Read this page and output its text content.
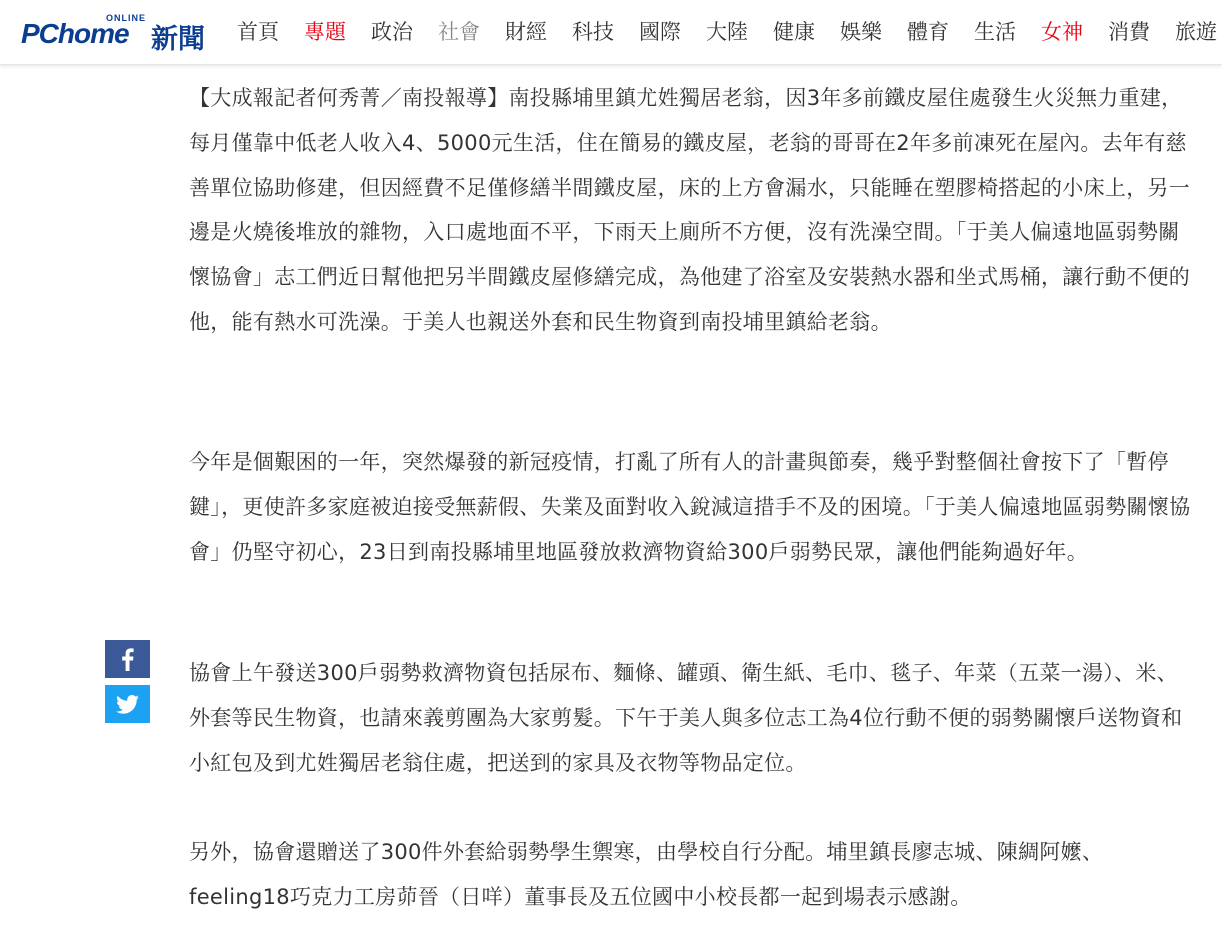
PChome
ONLINE
新聞 首頁 專題 政治 社會 財經 科技 國際 大陸 健康 娛樂 體育 生活 女神 消費 旅遊

【大成報記者何秀菁／南投報導】南投縣埔里鎮尤姓獨居老翁，因3年多前鐵皮屋住處發生火災無力重建，每月僅靠中低老人收入4、5000元生活，住在簡易的鐵皮屋，老翁的哥哥在2年多前凍死在屋內。去年有慈善單位協助修建，但因經費不足僅修繕半間鐵皮屋，床的上方會漏水，只能睡在塑膠椅搭起的小床上，另一邊是火燒後堆放的雜物，入口處地面不平，下雨天上廁所不方便，沒有洗澡空間。「于美人偏遠地區弱勢關懷協會」志工們近日幫他把另半間鐵皮屋修繕完成，為他建了浴室及安裝熱水器和坐式馬桶，讓行動不便的他，能有熱水可洗澡。于美人也親送外套和民生物資到南投埔里鎮給老翁。

今年是個艱困的一年，突然爆發的新冠疫情，打亂了所有人的計畫與節奏，幾乎對整個社會按下了「暫停鍵」，更使許多家庭被迫接受無薪假、失業及面對收入銳減這措手不及的困境。「于美人偏遠地區弱勢關懷協會」仍堅守初心，23日到南投縣埔里地區發放救濟物資給300戶弱勢民眾，讓他們能夠過好年。

協會上午發送300戶弱勢救濟物資包括尿布、麵條、罐頭、衛生紙、毛巾、毯子、年菜（五菜一湯）、米、外套等民生物資，也請來義剪團為大家剪髮。下午于美人與多位志工為4位行動不便的弱勢關懷戶送物資和小紅包及到尤姓獨居老翁住處，把送到的家具及衣物等物品定位。

另外，協會還贈送了300件外套給弱勢學生禦寒，由學校自行分配。埔里鎮長廖志城、陳綢阿嬤、feeling18巧克力工房茆晉（日咩）董事長及五位國中小校長都一起到場表示感謝。
